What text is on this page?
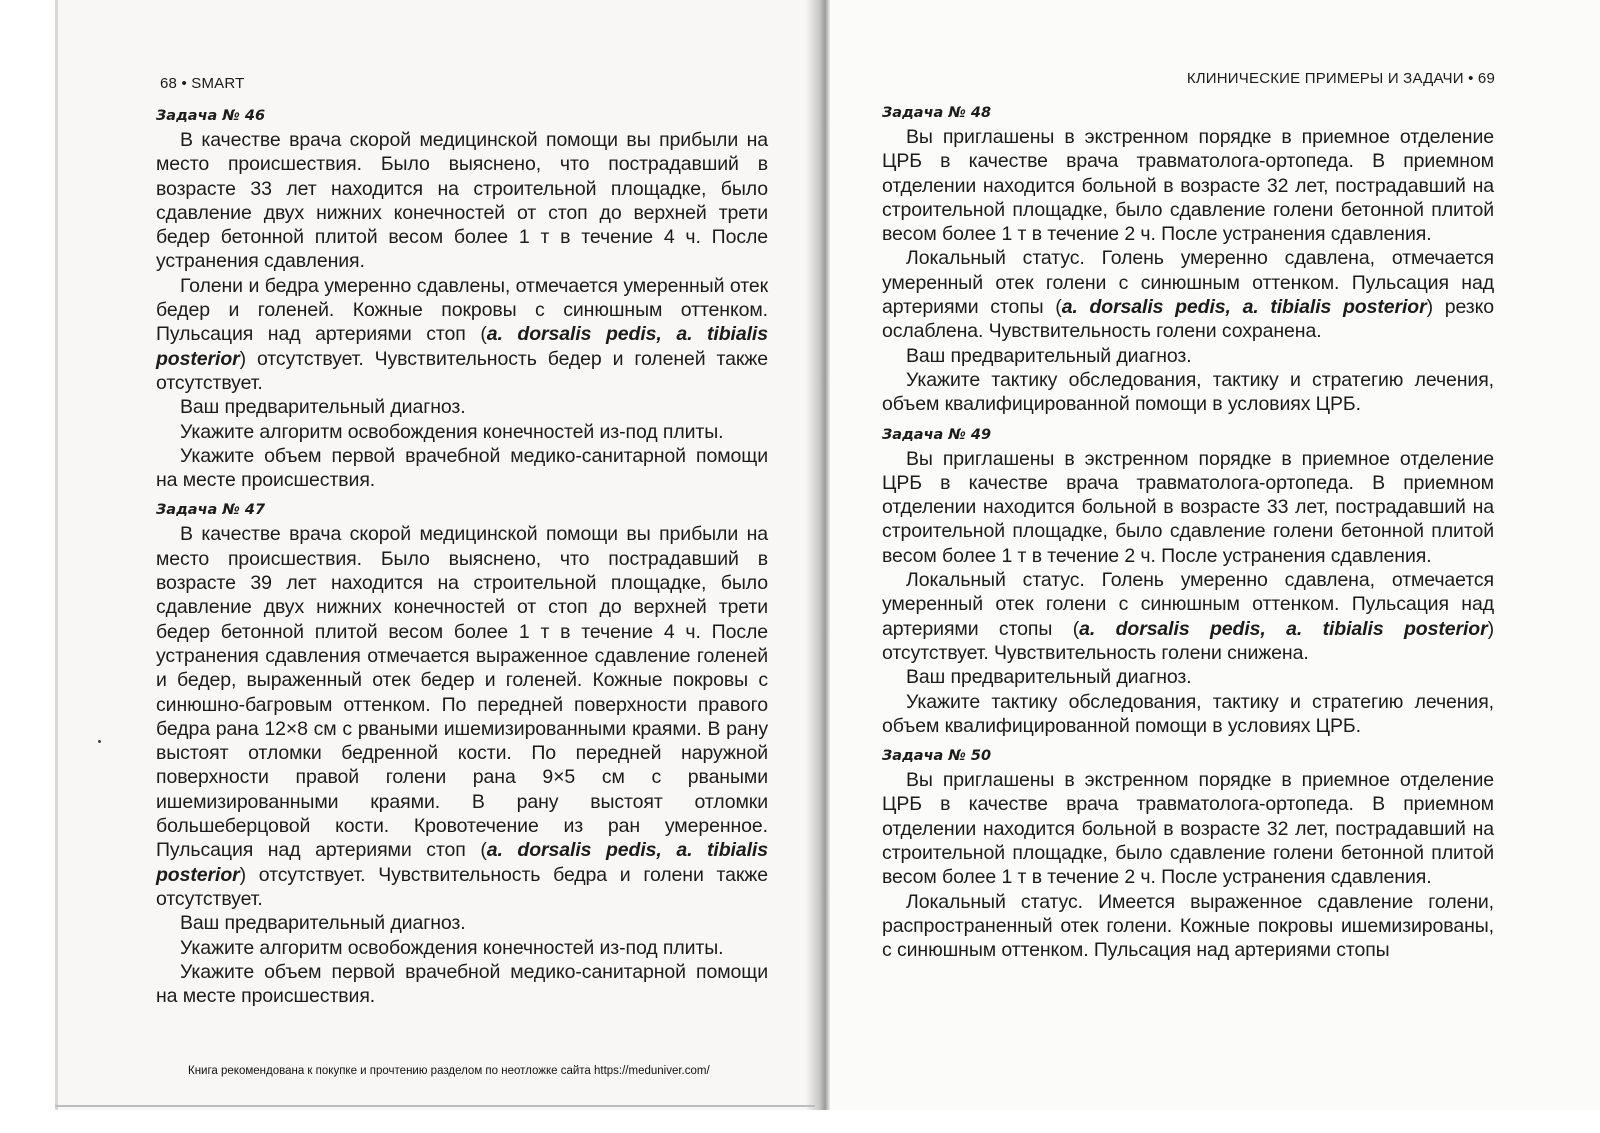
68 • SMART	КЛИНИЧЕСКИЕ ПРИМЕРЫ И ЗАДАЧИ • 69

Задача № 46

В качестве врача скорой медицинской помощи вы прибыли на место происшествия. Было выяснено, что пострадавший в возрасте 33 лет находится на строительной площадке, было сдавление двух нижних конечностей от стоп до верхней трети бедер бетонной плитой весом более 1 т в течение 4 ч. После устранения сдавления.

Голени и бедра умеренно сдавлены, отмечается умеренный отек бедер и голеней. Кожные покровы с синюшным оттенком. Пульсация над артериями стоп (a. dorsalis pedis, a. tibialis posterior) отсутствует. Чувствительность бедер и голеней также отсутствует.

Ваш предварительный диагноз.

Укажите алгоритм освобождения конечностей из-под плиты.

Укажите объем первой врачебной медико-санитарной помощи на месте происшествия.

Задача № 47

В качестве врача скорой медицинской помощи вы прибыли на место происшествия. Было выяснено, что пострадавший в возрасте 39 лет находится на строительной площадке, было сдавление двух нижних конечностей от стоп до верхней трети бедер бетонной плитой весом более 1 т в течение 4 ч. После устранения сдавления отмечается выраженное сдавление голеней и бедер, выраженный отек бедер и голеней. Кожные покровы с синюшно-багровым оттенком. По передней поверхности правого бедра рана 12×8 см с рваными ишемизированными краями. В рану выстоят отломки бедренной кости. По передней наружной поверхности правой голени рана 9×5 см с рваными ишемизированными краями. В рану выстоят отломки большеберцовой кости. Кровотечение из ран умеренное. Пульсация над артериями стоп (a. dorsalis pedis, a. tibialis posterior) отсутствует. Чувствительность бедра и голени также отсутствует.

Ваш предварительный диагноз.

Укажите алгоритм освобождения конечностей из-под плиты.

Укажите объем первой врачебной медико-санитарной помощи на месте происшествия.

Книга рекомендована к покупке и прочтению разделом по неотложке сайта https://meduniver.com/

Задача № 48

Вы приглашены в экстренном порядке в приемное отделение ЦРБ в качестве врача травматолога-ортопеда. В приемном отделении находится больной в возрасте 32 лет, пострадавший на строительной площадке, было сдавление голени бетонной плитой весом более 1 т в течение 2 ч. После устранения сдавления.

Локальный статус. Голень умеренно сдавлена, отмечается умеренный отек голени с синюшным оттенком. Пульсация над артериями стопы (a. dorsalis pedis, a. tibialis posterior) резко ослаблена. Чувствительность голени сохранена.

Ваш предварительный диагноз.

Укажите тактику обследования, тактику и стратегию лечения, объем квалифицированной помощи в условиях ЦРБ.

Задача № 49

Вы приглашены в экстренном порядке в приемное отделение ЦРБ в качестве врача травматолога-ортопеда. В приемном отделении находится больной в возрасте 33 лет, пострадавший на строительной площадке, было сдавление голени бетонной плитой весом более 1 т в течение 2 ч. После устранения сдавления.

Локальный статус. Голень умеренно сдавлена, отмечается умеренный отек голени с синюшным оттенком. Пульсация над артериями стопы (a. dorsalis pedis, a. tibialis posterior) отсутствует. Чувствительность голени снижена.

Ваш предварительный диагноз.

Укажите тактику обследования, тактику и стратегию лечения, объем квалифицированной помощи в условиях ЦРБ.

Задача № 50

Вы приглашены в экстренном порядке в приемное отделение ЦРБ в качестве врача травматолога-ортопеда. В приемном отделении находится больной в возрасте 32 лет, пострадавший на строительной площадке, было сдавление голени бетонной плитой весом более 1 т в течение 2 ч. После устранения сдавления.

Локальный статус. Имеется выраженное сдавление голени, распространенный отек голени. Кожные покровы ишемизированы, с синюшным оттенком. Пульсация над артериями стопы
